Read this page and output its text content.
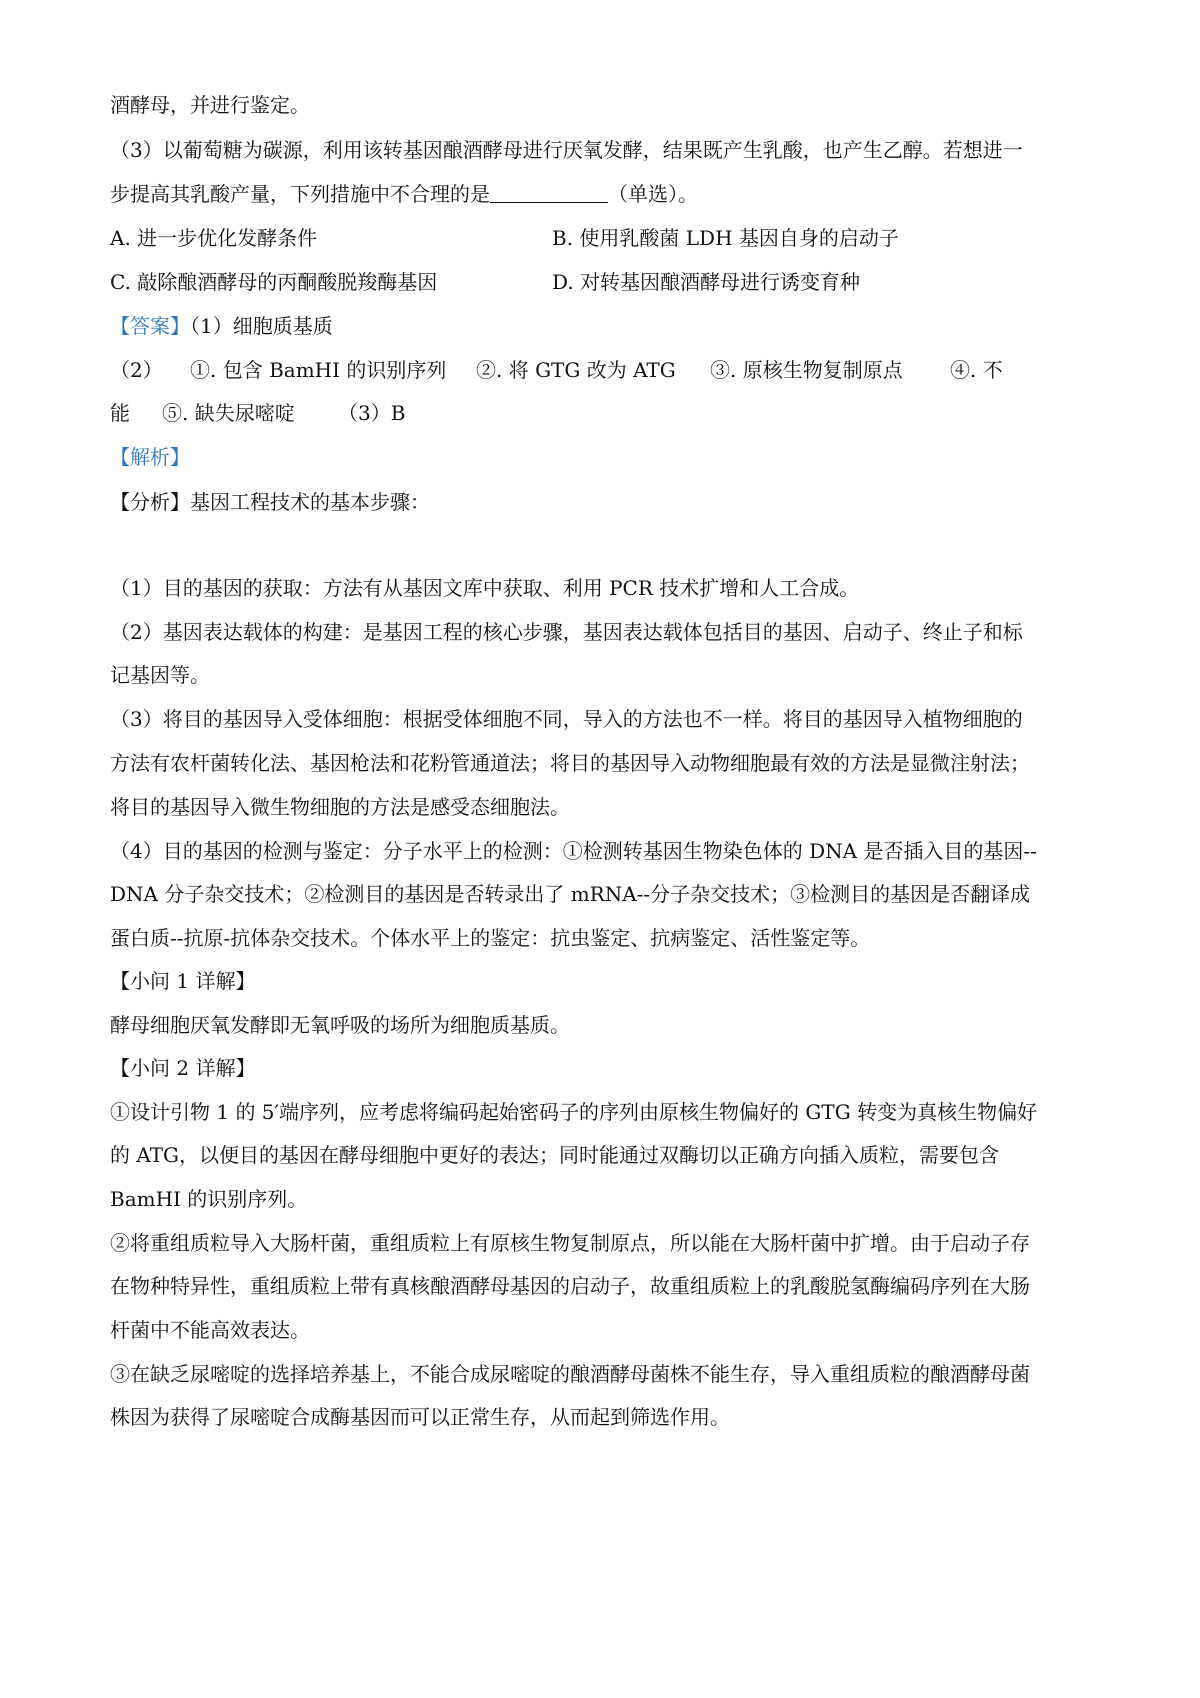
酒酵母，并进行鉴定。
（3）以葡萄糖为碳源，利用该转基因酿酒酵母进行厌氧发酵，结果既产生乳酸，也产生乙醇。若想进一
步提高其乳酸产量，下列措施中不合理的是	（单选）。
A. 进一步优化发酵条件	B. 使用乳酸菌 LDH 基因自身的启动子
C. 敲除酿酒酵母的丙酮酸脱羧酶基因	D. 对转基因酿酒酵母进行诱变育种
【答案】（1）细胞质基质
（2） ①. 包含 BamHI 的识别序列 ②. 将 GTG 改为 ATG ③. 原核生物复制原点 ④. 不
能 ⑤. 缺失尿嘧啶 （3）B
【解析】
【分析】基因工程技术的基本步骤：
（1）目的基因的获取：方法有从基因文库中获取、利用 PCR 技术扩增和人工合成。
（2）基因表达载体的构建：是基因工程的核心步骤，基因表达载体包括目的基因、启动子、终止子和标
记基因等。
（3）将目的基因导入受体细胞：根据受体细胞不同，导入的方法也不一样。将目的基因导入植物细胞的
方法有农杆菌转化法、基因枪法和花粉管通道法；将目的基因导入动物细胞最有效的方法是显微注射法；
将目的基因导入微生物细胞的方法是感受态细胞法。
（4）目的基因的检测与鉴定：分子水平上的检测：①检测转基因生物染色体的 DNA 是否插入目的基因--
DNA 分子杂交技术；②检测目的基因是否转录出了 mRNA--分子杂交技术；③检测目的基因是否翻译成
蛋白质--抗原-抗体杂交技术。个体水平上的鉴定：抗虫鉴定、抗病鉴定、活性鉴定等。
【小问 1 详解】
酵母细胞厌氧发酵即无氧呼吸的场所为细胞质基质。
【小问 2 详解】
①设计引物 1 的 5′端序列，应考虑将编码起始密码子的序列由原核生物偏好的 GTG 转变为真核生物偏好
的 ATG，以便目的基因在酵母细胞中更好的表达；同时能通过双酶切以正确方向插入质粒，需要包含
BamHI 的识别序列。
②将重组质粒导入大肠杆菌，重组质粒上有原核生物复制原点，所以能在大肠杆菌中扩增。由于启动子存
在物种特异性，重组质粒上带有真核酿酒酵母基因的启动子，故重组质粒上的乳酸脱氢酶编码序列在大肠
杆菌中不能高效表达。
③在缺乏尿嘧啶的选择培养基上，不能合成尿嘧啶的酿酒酵母菌株不能生存，导入重组质粒的酿酒酵母菌
株因为获得了尿嘧啶合成酶基因而可以正常生存，从而起到筛选作用。
